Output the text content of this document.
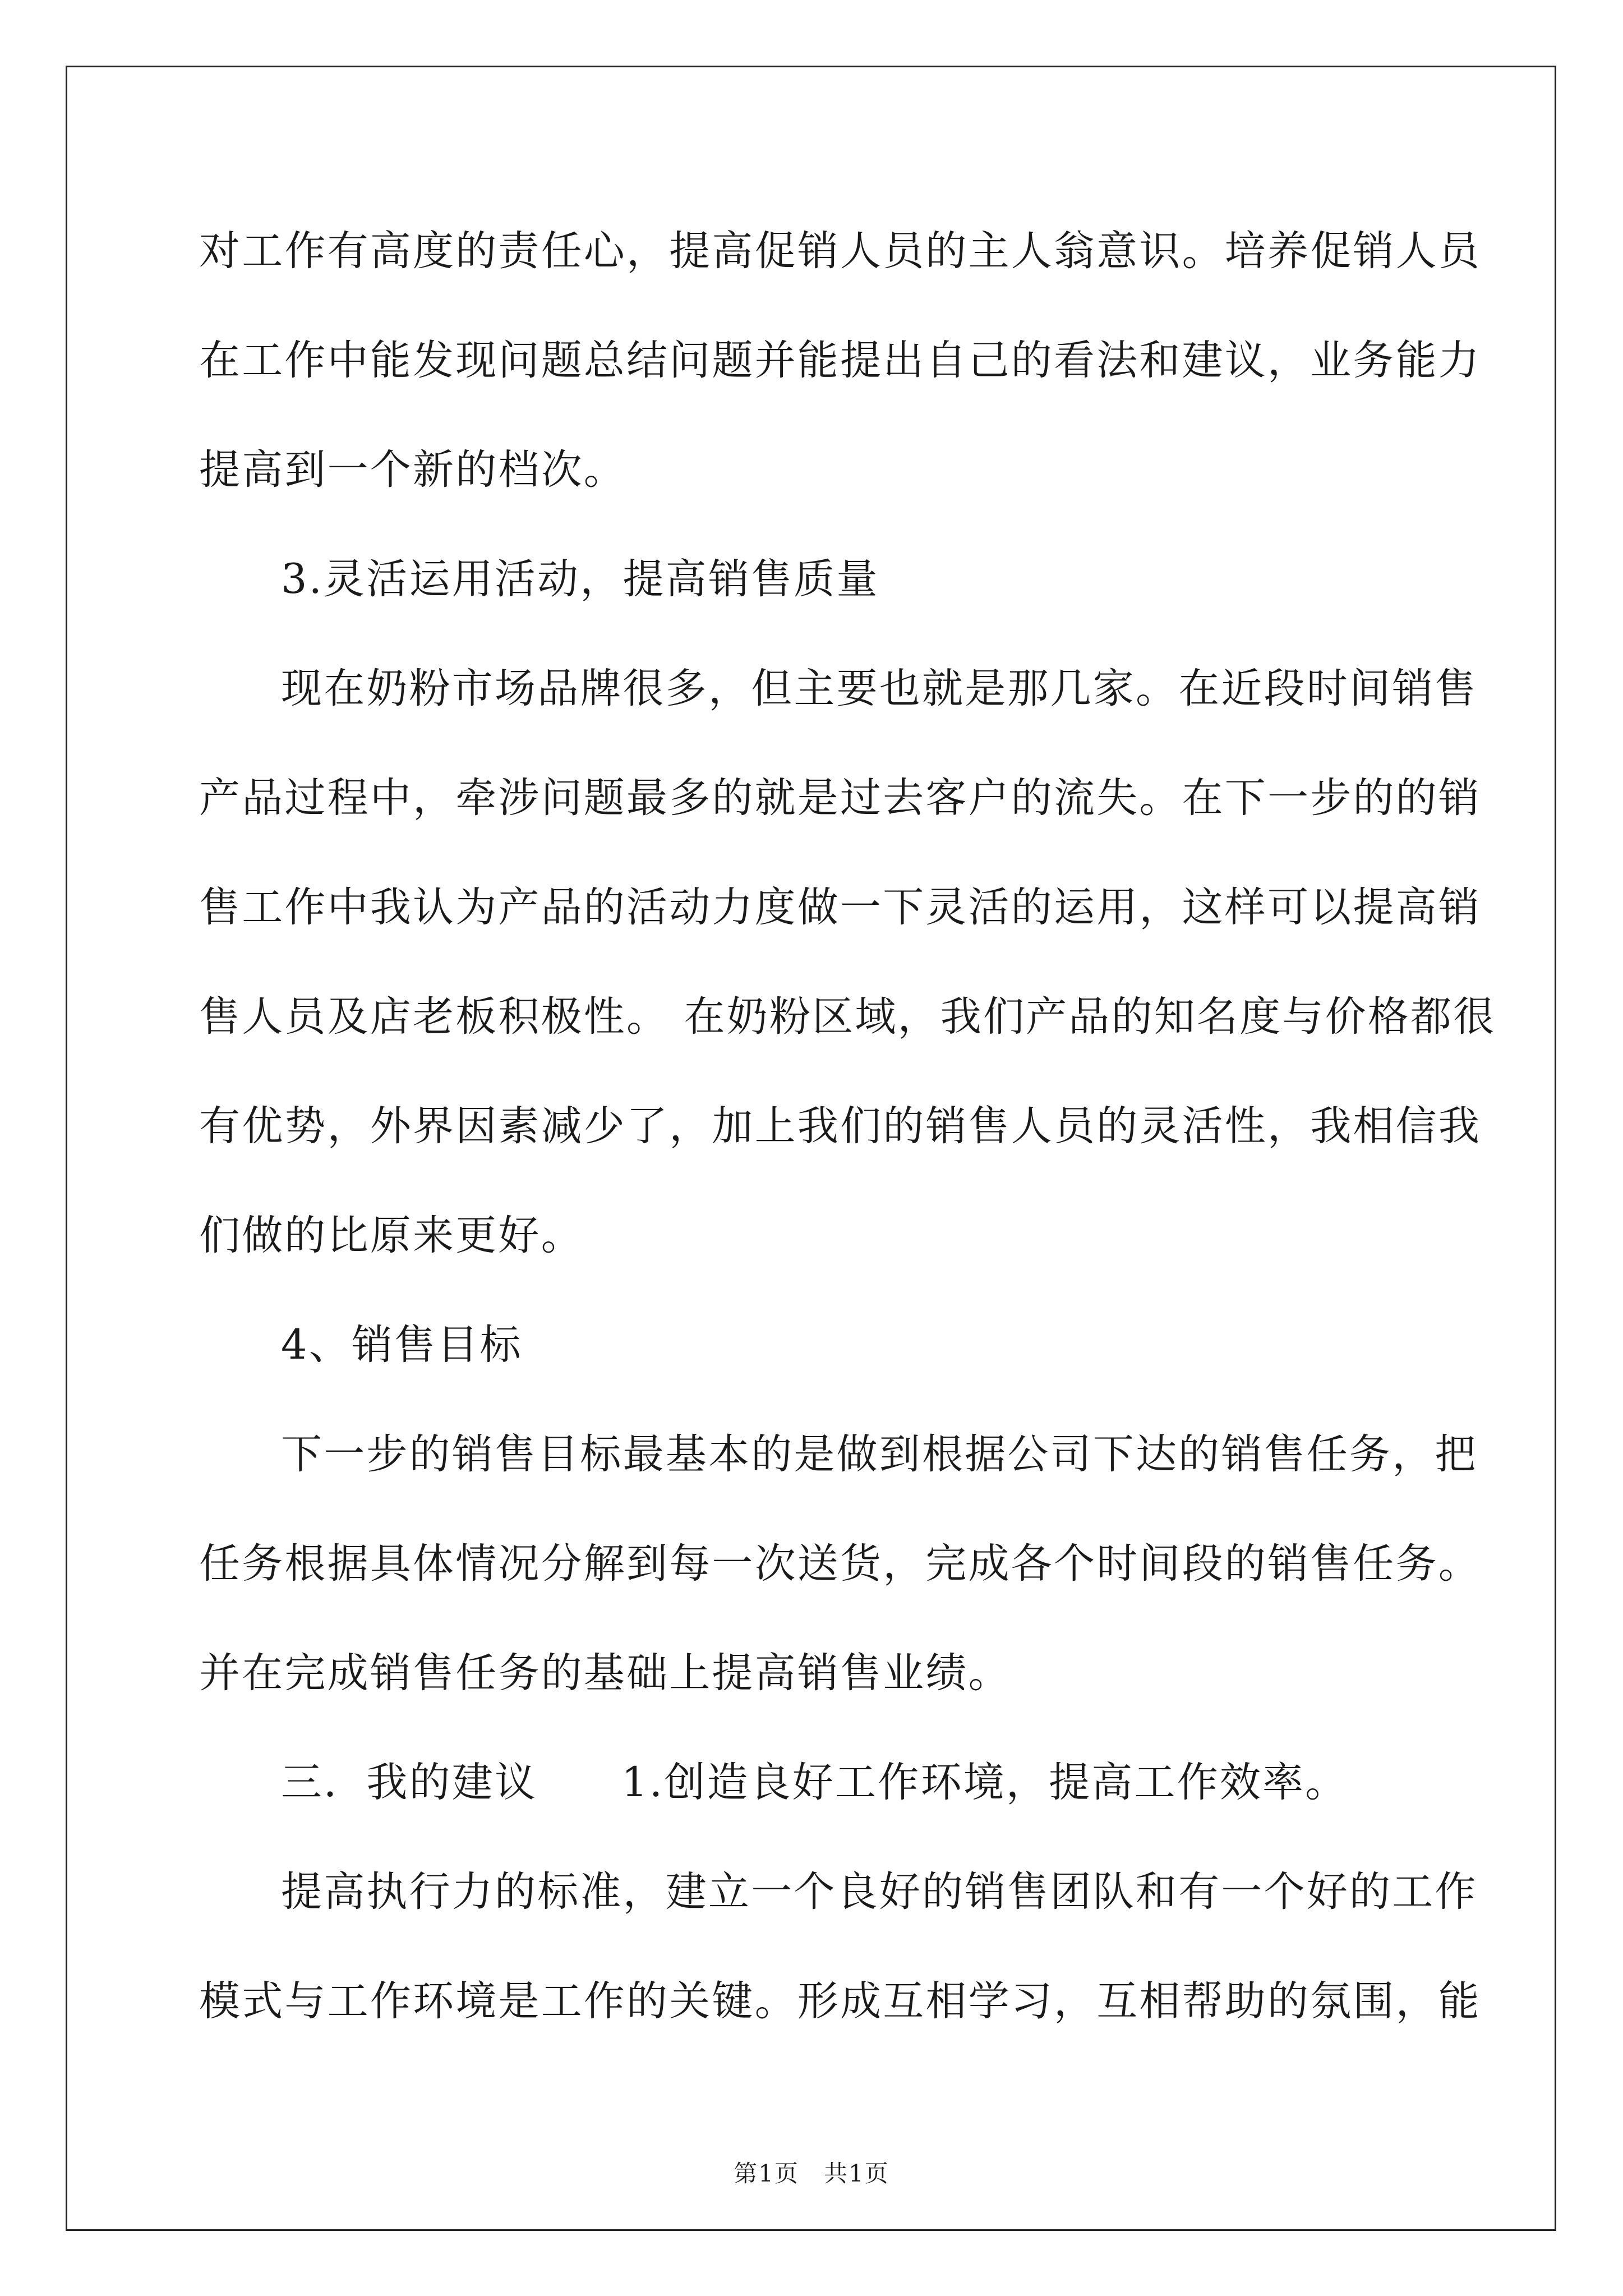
对工作有高度的责任心，提高促销人员的主人翁意识。培养促销人员
在工作中能发现问题总结问题并能提出自己的看法和建议，业务能力
提高到一个新的档次。
3.灵活运用活动，提高销售质量
现在奶粉市场品牌很多，但主要也就是那几家。在近段时间销售
产品过程中，牵涉问题最多的就是过去客户的流失。在下一步的的销
售工作中我认为产品的活动力度做一下灵活的运用，这样可以提高销
售人员及店老板积极性。 在奶粉区域，我们产品的知名度与价格都很
有优势，外界因素减少了，加上我们的销售人员的灵活性，我相信我
们做的比原来更好。
4、销售目标
下一步的销售目标最基本的是做到根据公司下达的销售任务，把
任务根据具体情况分解到每一次送货，完成各个时间段的销售任务。
并在完成销售任务的基础上提高销售业绩。
三．我的建议 1.创造良好工作环境，提高工作效率。
提高执行力的标准，建立一个良好的销售团队和有一个好的工作
模式与工作环境是工作的关键。形成互相学习，互相帮助的氛围，能
第1页　共1页
